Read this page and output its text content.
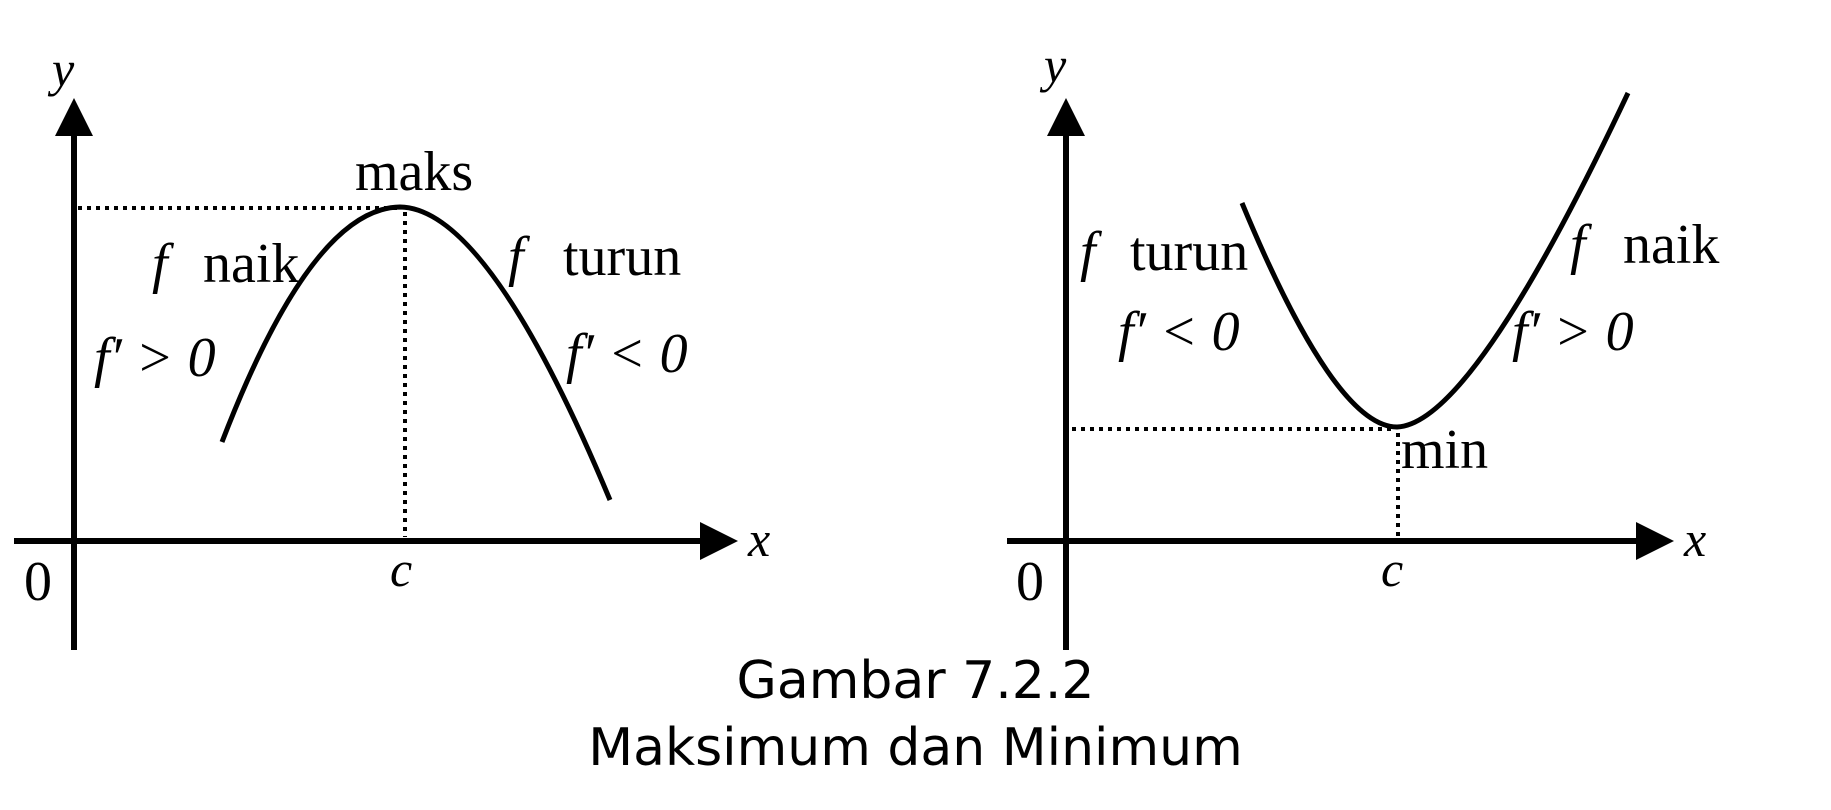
y
x
0	c
maks
f naik
f′ > 0
f turun
f′ < 0
y
x
0	c
min
f turun
f′ < 0
f naik
f′ > 0
Gambar 7.2.2
Maksimum dan Minimum
